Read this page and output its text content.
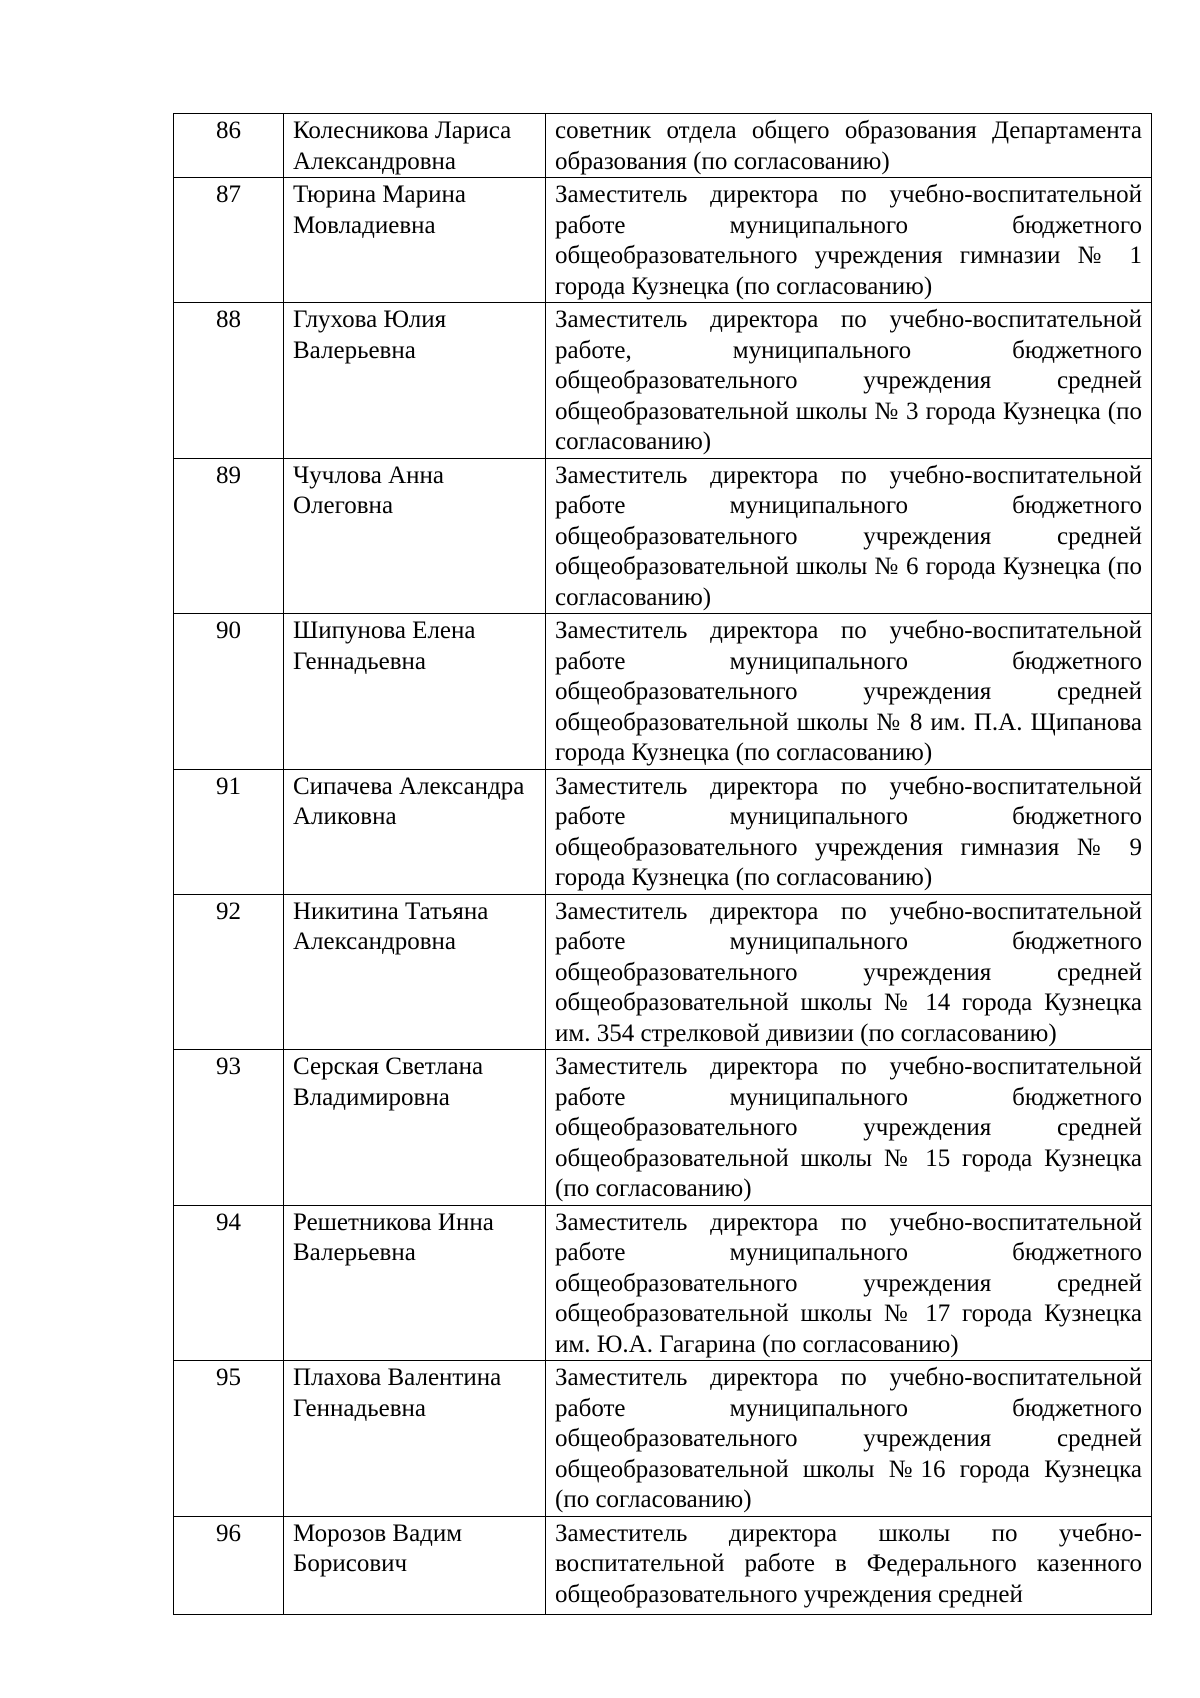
86	Колесникова Лариса Александровна	советник отдела общего образования Департамента образования (по согласованию)
87	Тюрина Марина Мовладиевна	Заместитель директора по учебно-воспитательной работе муниципального бюджетного общеобразовательного учреждения гимназии № 1 города Кузнецка (по согласованию)
88	Глухова Юлия Валерьевна	Заместитель директора по учебно-воспитательной работе, муниципального бюджетного общеобразовательного учреждения средней общеобразовательной школы № 3 города Кузнецка (по согласованию)
89	Чучлова Анна Олеговна	Заместитель директора по учебно-воспитательной работе муниципального бюджетного общеобразовательного учреждения средней общеобразовательной школы № 6 города Кузнецка (по согласованию)
90	Шипунова Елена Геннадьевна	Заместитель директора по учебно-воспитательной работе муниципального бюджетного общеобразовательного учреждения средней общеобразовательной школы № 8 им. П.А. Щипанова города Кузнецка (по согласованию)
91	Сипачева Александра Аликовна	Заместитель директора по учебно-воспитательной работе муниципального бюджетного общеобразовательного учреждения гимназия № 9 города Кузнецка (по согласованию)
92	Никитина Татьяна Александровна	Заместитель директора по учебно-воспитательной работе муниципального бюджетного общеобразовательного учреждения средней общеобразовательной школы № 14 города Кузнецка им. 354 стрелковой дивизии (по согласованию)
93	Серская Светлана Владимировна	Заместитель директора по учебно-воспитательной работе муниципального бюджетного общеобразовательного учреждения средней общеобразовательной школы № 15 города Кузнецка (по согласованию)
94	Решетникова Инна Валерьевна	Заместитель директора по учебно-воспитательной работе муниципального бюджетного общеобразовательного учреждения средней общеобразовательной школы № 17 города Кузнецка им. Ю.А. Гагарина (по согласованию)
95	Плахова Валентина Геннадьевна	Заместитель директора по учебно-воспитательной работе муниципального бюджетного общеобразовательного учреждения средней общеобразовательной школы №16 города Кузнецка (по согласованию)
96	Морозов Вадим Борисович	Заместитель директора школы по учебно-воспитательной работе в Федерального казенного общеобразовательного учреждения средней
